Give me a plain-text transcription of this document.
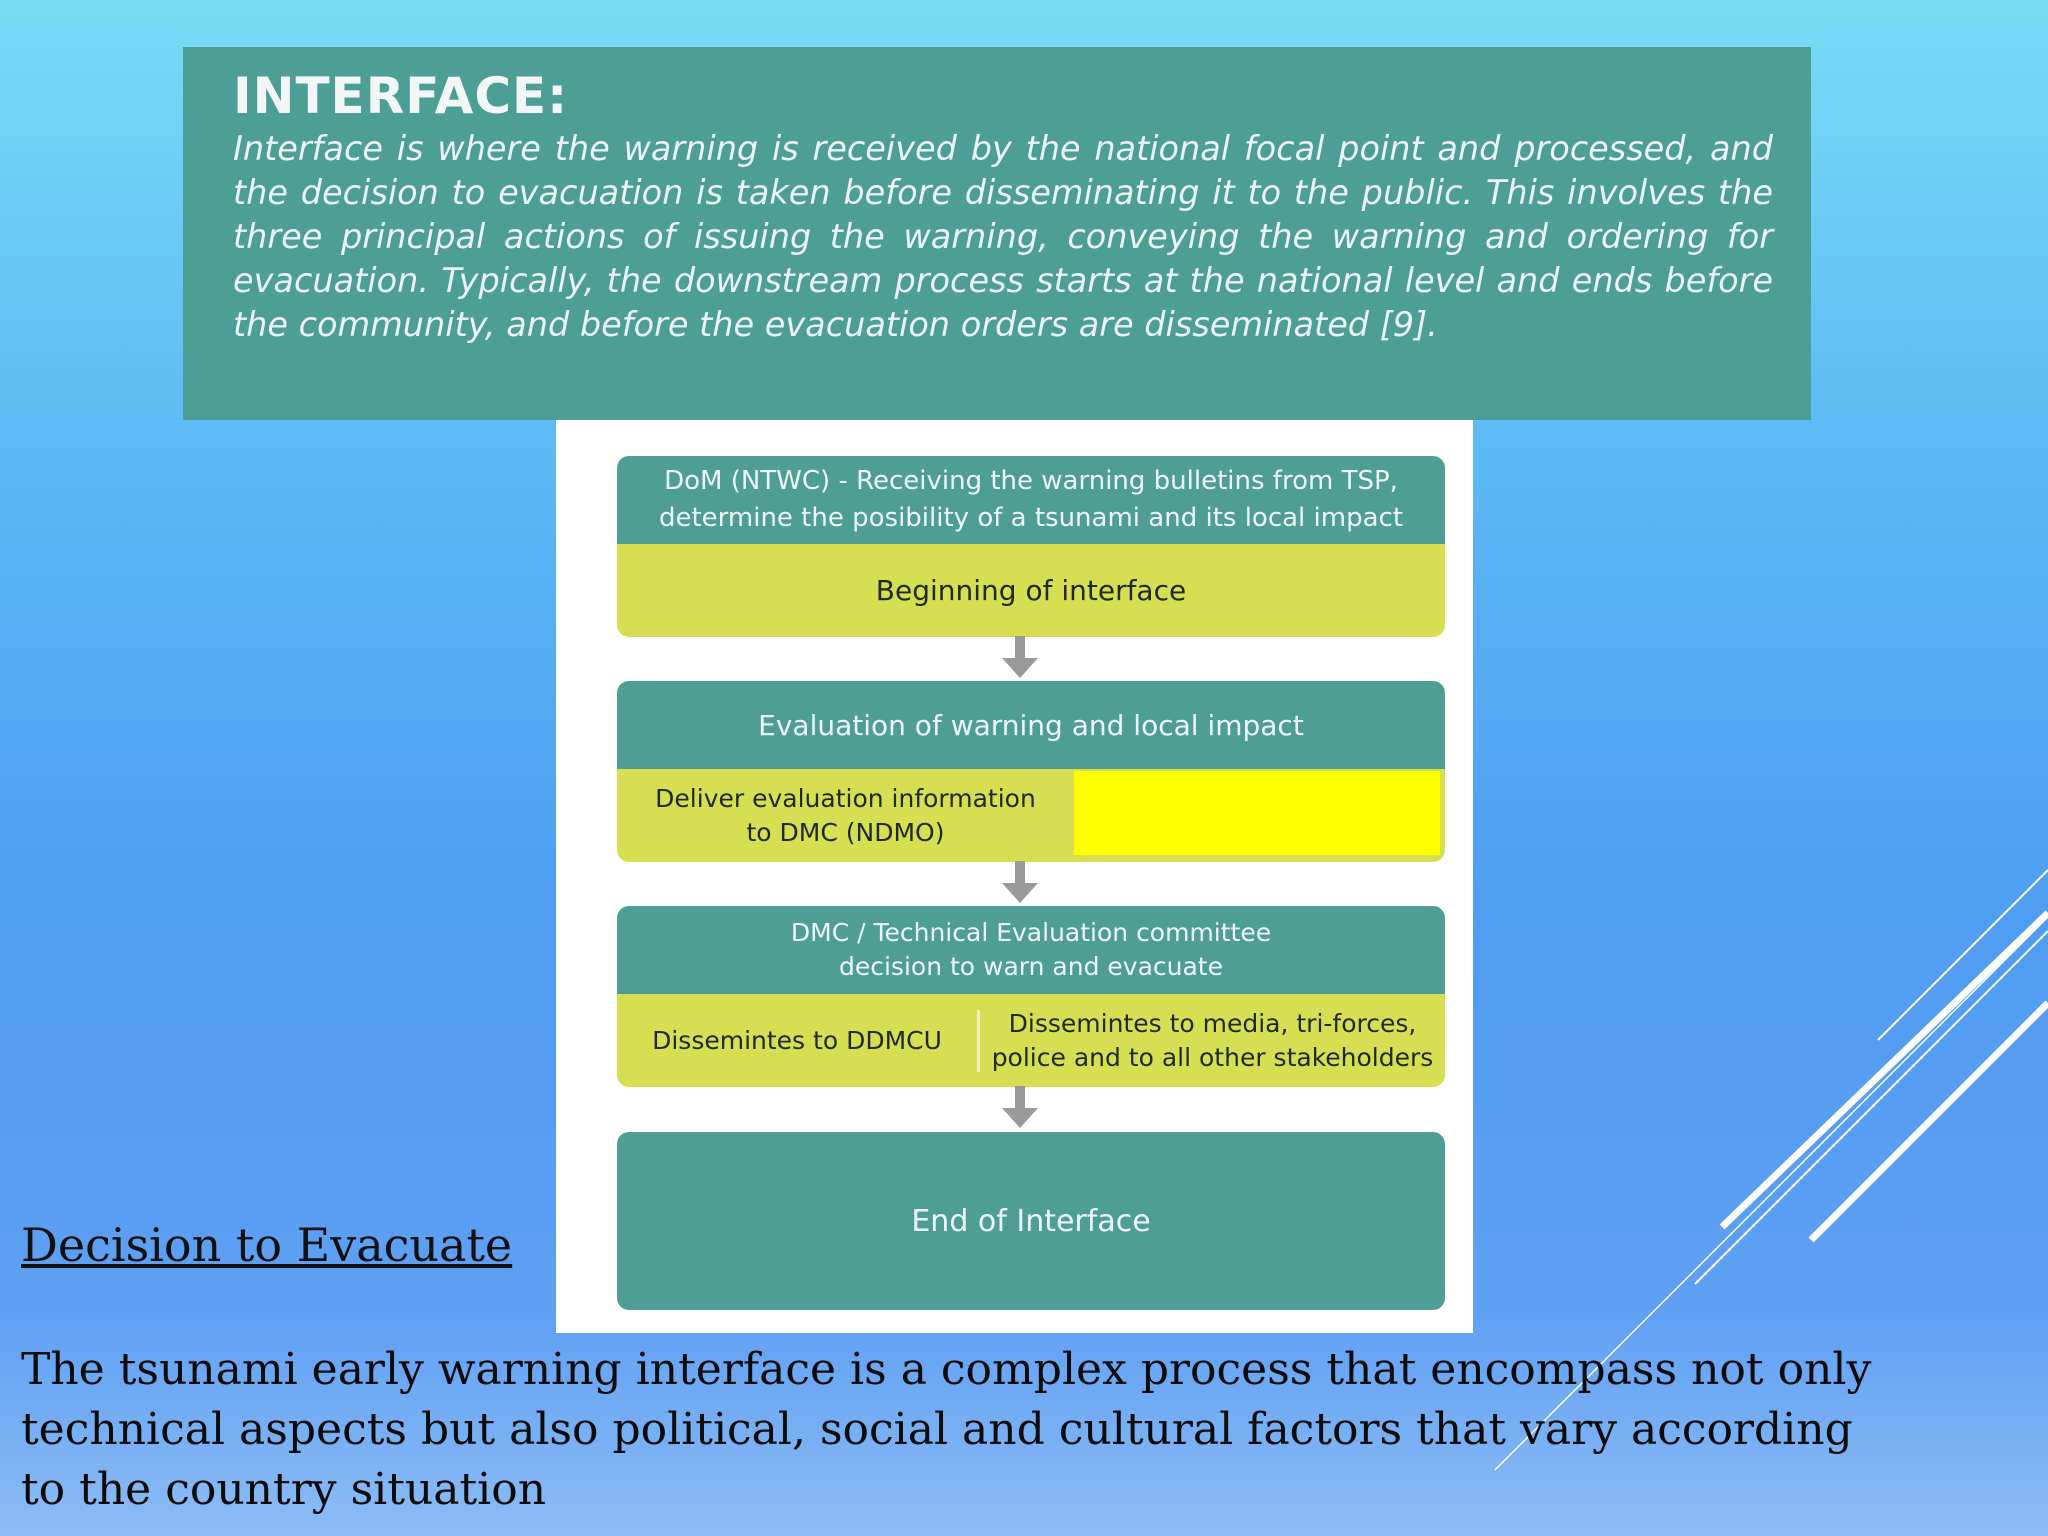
INTERFACE:

Interface is where the warning is received by the national focal point and processed, and the decision to evacuation is taken before disseminating it to the public. This involves the three principal actions of issuing the warning, conveying the warning and ordering for evacuation. Typically, the downstream process starts at the national level and ends before the community, and before the evacuation orders are disseminated [9].

DoM (NTWC) - Receiving the warning bulletins from TSP,
determine the posibility of a tsunami and its local impact
Beginning of interface
Evaluation of warning and local impact
Deliver evaluation information
to DMC (NDMO)
DMC / Technical Evaluation committee
decision to warn and evacuate
Dissemintes to DDMCU
Dissemintes to media, tri-forces,
police and to all other stakeholders
End of Interface
Decision to Evacuate

The tsunami early warning interface is a complex process that encompass not only technical aspects but also political, social and cultural factors that vary according to the country situation
